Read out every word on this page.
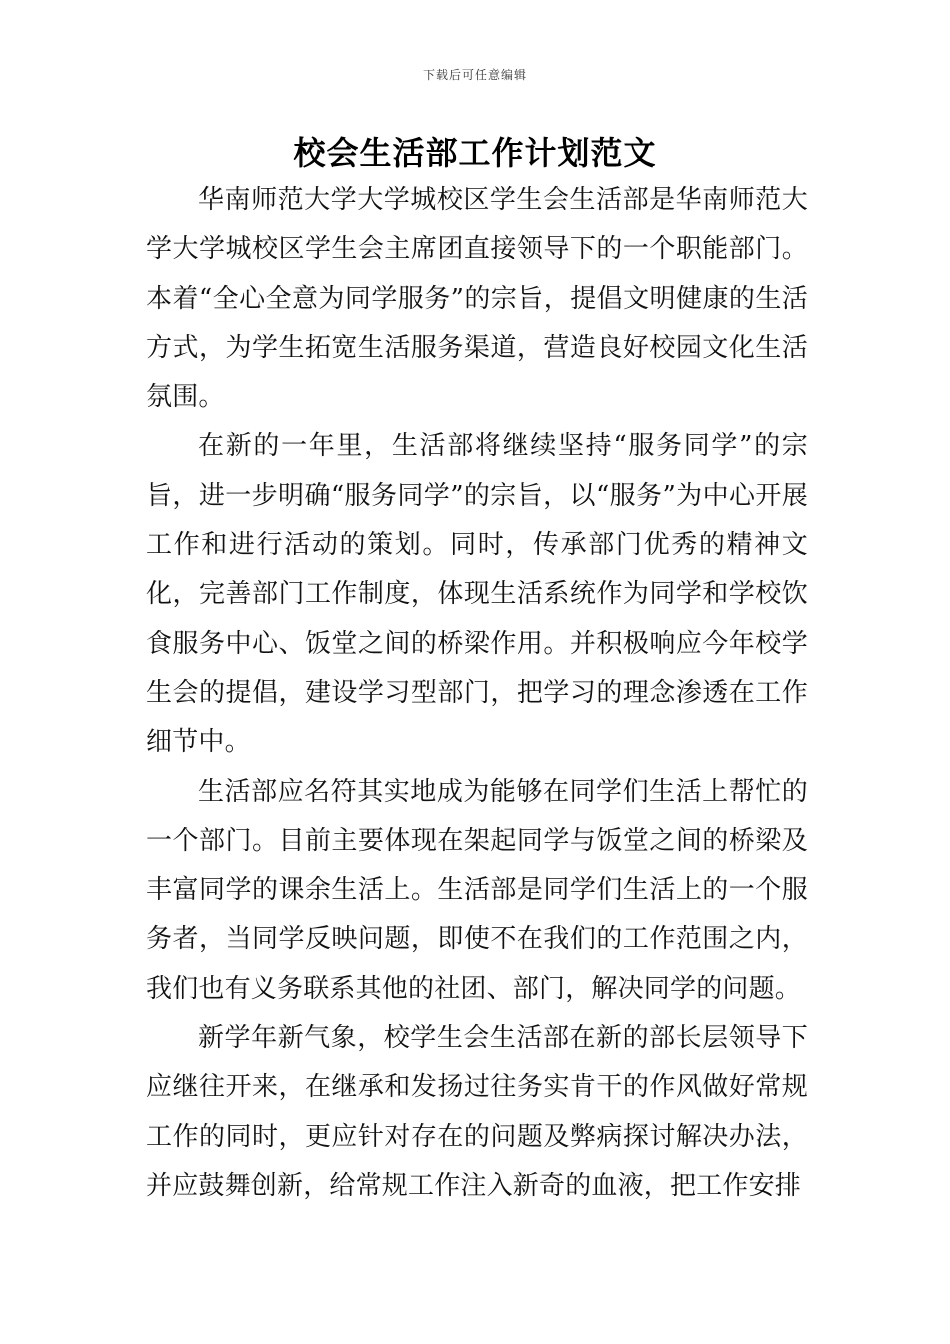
下载后可任意编辑
校会生活部工作计划范文

华南师范大学大学城校区学生会生活部是华南师范大学大学城校区学生会主席团直接领导下的一个职能部门。本着“全心全意为同学服务”的宗旨，提倡文明健康的生活方式，为学生拓宽生活服务渠道，营造良好校园文化生活氛围。

在新的一年里，生活部将继续坚持“服务同学”的宗旨，进一步明确“服务同学”的宗旨，以“服务”为中心开展工作和进行活动的策划。同时，传承部门优秀的精神文化，完善部门工作制度，体现生活系统作为同学和学校饮食服务中心、饭堂之间的桥梁作用。并积极响应今年校学生会的提倡，建设学习型部门，把学习的理念渗透在工作细节中。

生活部应名符其实地成为能够在同学们生活上帮忙的一个部门。目前主要体现在架起同学与饭堂之间的桥梁及丰富同学的课余生活上。生活部是同学们生活上的一个服务者，当同学反映问题，即使不在我们的工作范围之内，我们也有义务联系其他的社团、部门，解决同学的问题。

新学年新气象，校学生会生活部在新的部长层领导下应继往开来，在继承和发扬过往务实肯干的作风做好常规工作的同时，更应针对存在的问题及弊病探讨解决办法，并应鼓舞创新，给常规工作注入新奇的血液，把工作安排
